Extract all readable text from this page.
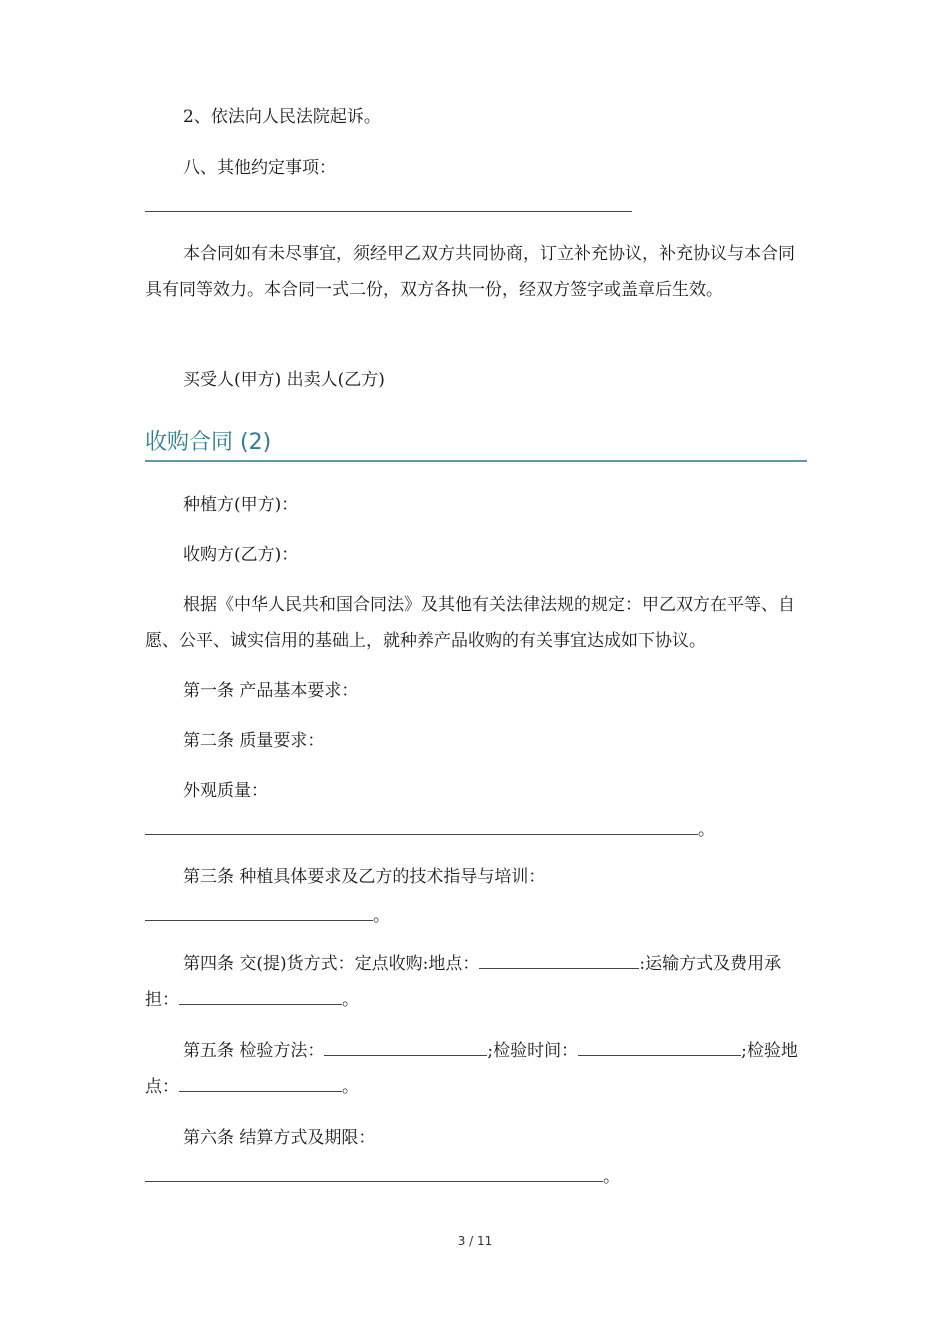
2、依法向人民法院起诉。

八、其他约定事项：

本合同如有未尽事宜，须经甲乙双方共同协商，订立补充协议，补充协议与本合同具有同等效力。本合同一式二份，双方各执一份，经双方签字或盖章后生效。

买受人(甲方) 出卖人(乙方)

收购合同 (2)

种植方(甲方)：

收购方(乙方)：

根据《中华人民共和国合同法》及其他有关法律法规的规定：甲乙双方在平等、自愿、公平、诚实信用的基础上，就种养产品收购的有关事宜达成如下协议。

第一条 产品基本要求：

第二条 质量要求：

外观质量：

。

第三条 种植具体要求及乙方的技术指导与培训：

。

第四条 交(提)货方式：定点收购:地点：	:运输方式及费用承担：	。

第五条 检验方法：	;检验时间：	;检验地点：	。

第六条 结算方式及期限：

。

3 / 11
